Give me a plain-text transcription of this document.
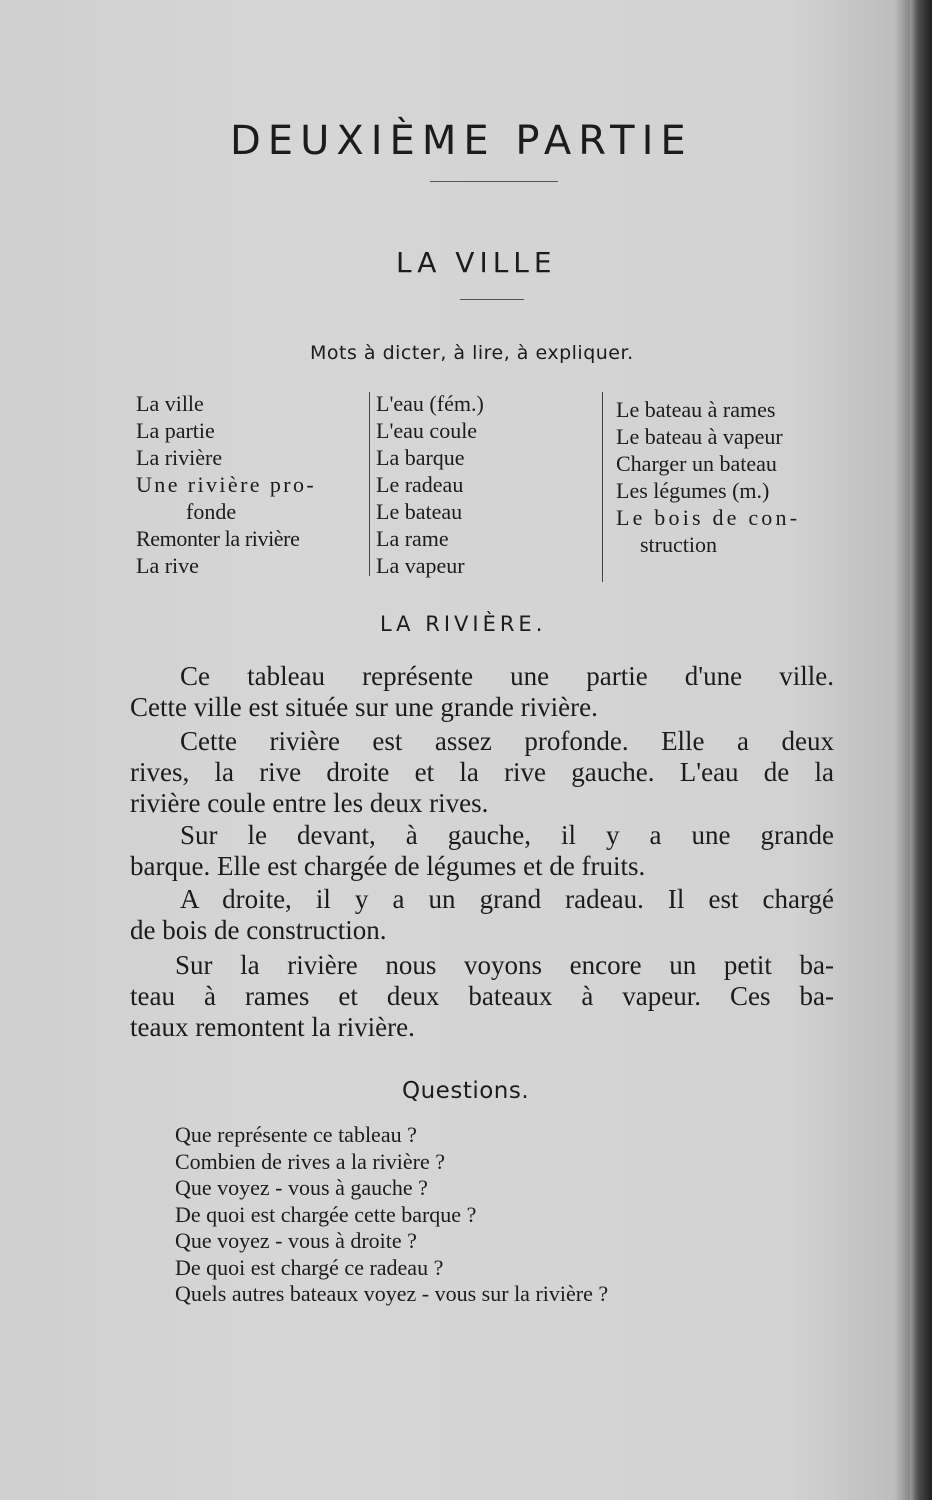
DEUXIÈME PARTIE
LA VILLE
Mots à dicter, à lire, à expliquer.
La ville
La partie
La rivière
Une rivière pro-
fonde
Remonter la rivière
La rive
L'eau (fém.)
L'eau coule
La barque
Le radeau
Le bateau
La rame
La vapeur
Le bateau à rames
Le bateau à vapeur
Charger un bateau
Les légumes (m.)
Le bois de con-
struction
LA RIVIÈRE.
Ce tableau représente une partie d'une ville.
Cette ville est située sur une grande rivière.
Cette rivière est assez profonde. Elle a deux
rives, la rive droite et la rive gauche. L'eau de la
rivière coule entre les deux rives.
Sur le devant, à gauche, il y a une grande
barque. Elle est chargée de légumes et de fruits.
A droite, il y a un grand radeau. Il est chargé
de bois de construction.
Sur la rivière nous voyons encore un petit ba-
teau à rames et deux bateaux à vapeur. Ces ba-
teaux remontent la rivière.
Questions.
Que représente ce tableau ?
Combien de rives a la rivière ?
Que voyez - vous à gauche ?
De quoi est chargée cette barque ?
Que voyez - vous à droite ?
De quoi est chargé ce radeau ?
Quels autres bateaux voyez - vous sur la rivière ?
